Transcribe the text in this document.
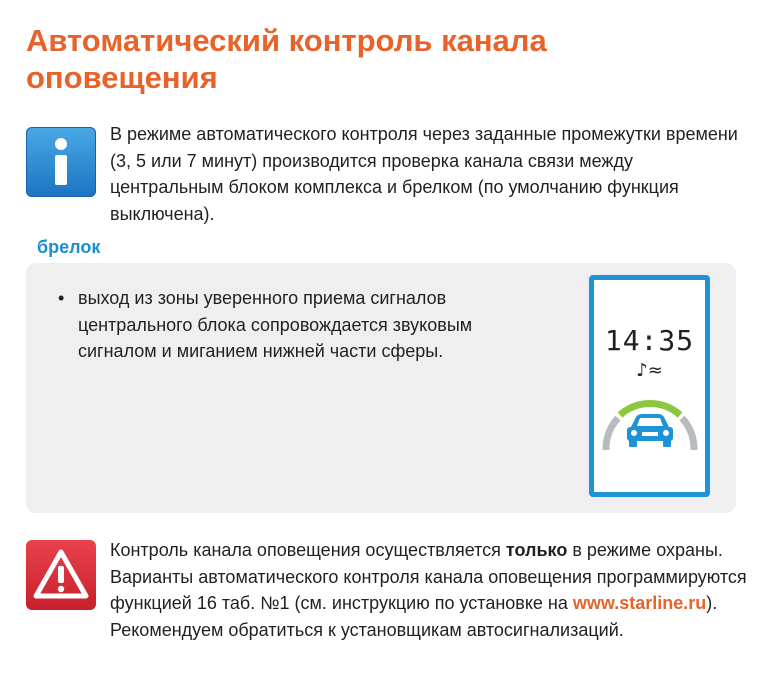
Автоматический контроль канала оповещения
В режиме автоматического контроля через заданные промежутки времени (3, 5 или 7 минут) производится проверка канала связи между центральным блоком комплекса и брелком (по умолчанию функция выключена).
брелок
• выход из зоны уверенного приема сигналов центрального блока сопровождается звуковым сигналом и миганием нижней части сферы.	14:35
♪≈
Контроль канала оповещения осуществляется только в режиме охраны. Варианты автоматического контроля канала оповещения программируются функцией 16 таб. №1 (см. инструкцию по установке на www.starline.ru). Рекомендуем обратиться к установщикам автосигнализаций.
